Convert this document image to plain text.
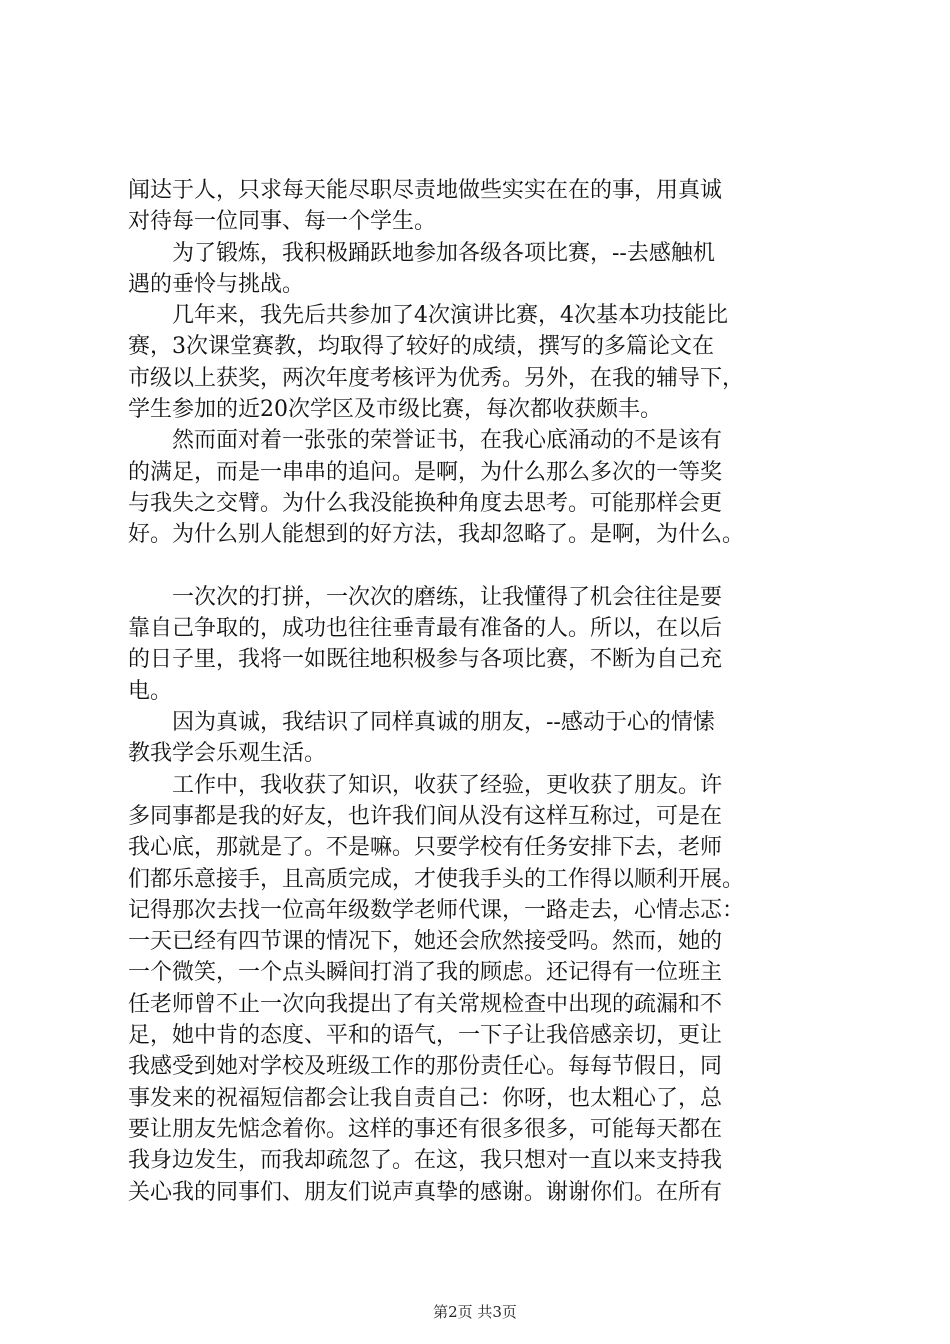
闻达于人，只求每天能尽职尽责地做些实实在在的事，用真诚
对待每一位同事、每一个学生。
为了锻炼，我积极踊跃地参加各级各项比赛，--去感触机
遇的垂怜与挑战。
几年来，我先后共参加了4次演讲比赛，4次基本功技能比
赛，3次课堂赛教，均取得了较好的成绩，撰写的多篇论文在
市级以上获奖，两次年度考核评为优秀。另外，在我的辅导下，
学生参加的近20次学区及市级比赛，每次都收获颇丰。
然而面对着一张张的荣誉证书，在我心底涌动的不是该有
的满足，而是一串串的追问。是啊，为什么那么多次的一等奖
与我失之交臂。为什么我没能换种角度去思考。可能那样会更
好。为什么别人能想到的好方法，我却忽略了。是啊，为什么。
一次次的打拼，一次次的磨练，让我懂得了机会往往是要
靠自己争取的，成功也往往垂青最有准备的人。所以，在以后
的日子里，我将一如既往地积极参与各项比赛，不断为自己充
电。
因为真诚，我结识了同样真诚的朋友，--感动于心的情愫
教我学会乐观生活。
工作中，我收获了知识，收获了经验，更收获了朋友。许
多同事都是我的好友，也许我们间从没有这样互称过，可是在
我心底，那就是了。不是嘛。只要学校有任务安排下去，老师
们都乐意接手，且高质完成，才使我手头的工作得以顺利开展。
记得那次去找一位高年级数学老师代课，一路走去，心情忐忑：
一天已经有四节课的情况下，她还会欣然接受吗。然而，她的
一个微笑，一个点头瞬间打消了我的顾虑。还记得有一位班主
任老师曾不止一次向我提出了有关常规检查中出现的疏漏和不
足，她中肯的态度、平和的语气，一下子让我倍感亲切，更让
我感受到她对学校及班级工作的那份责任心。每每节假日，同
事发来的祝福短信都会让我自责自己：你呀，也太粗心了，总
要让朋友先惦念着你。这样的事还有很多很多，可能每天都在
我身边发生，而我却疏忽了。在这，我只想对一直以来支持我
关心我的同事们、朋友们说声真挚的感谢。谢谢你们。在所有
第2页 共3页
